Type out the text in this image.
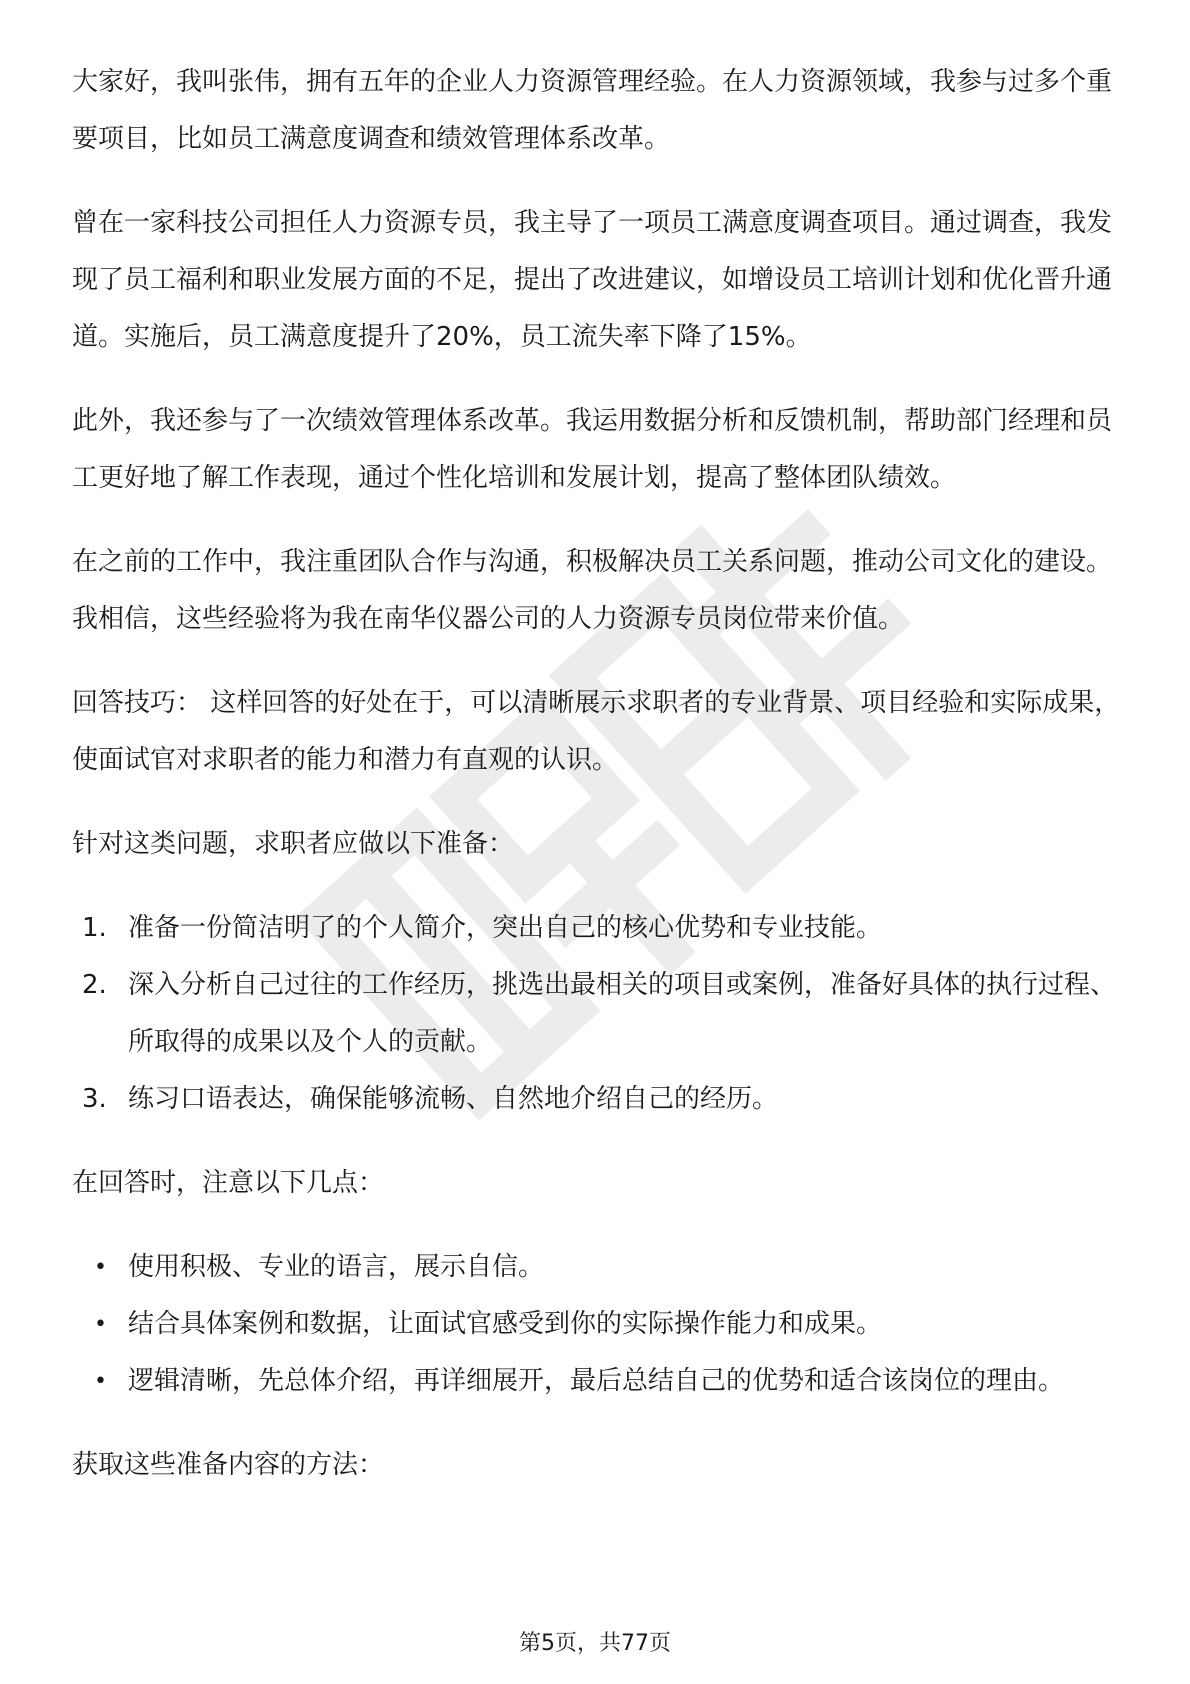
大家好，我叫张伟，拥有五年的企业人力资源管理经验。在人力资源领域，我参与过多个重要项目，比如员工满意度调查和绩效管理体系改革。

曾在一家科技公司担任人力资源专员，我主导了一项员工满意度调查项目。通过调查，我发现了员工福利和职业发展方面的不足，提出了改进建议，如增设员工培训计划和优化晋升通道。实施后，员工满意度提升了20%，员工流失率下降了15%。

此外，我还参与了一次绩效管理体系改革。我运用数据分析和反馈机制，帮助部门经理和员工更好地了解工作表现，通过个性化培训和发展计划，提高了整体团队绩效。

在之前的工作中，我注重团队合作与沟通，积极解决员工关系问题，推动公司文化的建设。我相信，这些经验将为我在南华仪器公司的人力资源专员岗位带来价值。

回答技巧： 这样回答的好处在于，可以清晰展示求职者的专业背景、项目经验和实际成果，使面试官对求职者的能力和潜力有直观的认识。

针对这类问题，求职者应做以下准备：

1. 准备一份简洁明了的个人简介，突出自己的核心优势和专业技能。
2. 深入分析自己过往的工作经历，挑选出最相关的项目或案例，准备好具体的执行过程、所取得的成果以及个人的贡献。
3. 练习口语表达，确保能够流畅、自然地介绍自己的经历。

在回答时，注意以下几点：

• 使用积极、专业的语言，展示自信。
• 结合具体案例和数据，让面试官感受到你的实际操作能力和成果。
• 逻辑清晰，先总体介绍，再详细展开，最后总结自己的优势和适合该岗位的理由。

获取这些准备内容的方法：

第5页，共77页
